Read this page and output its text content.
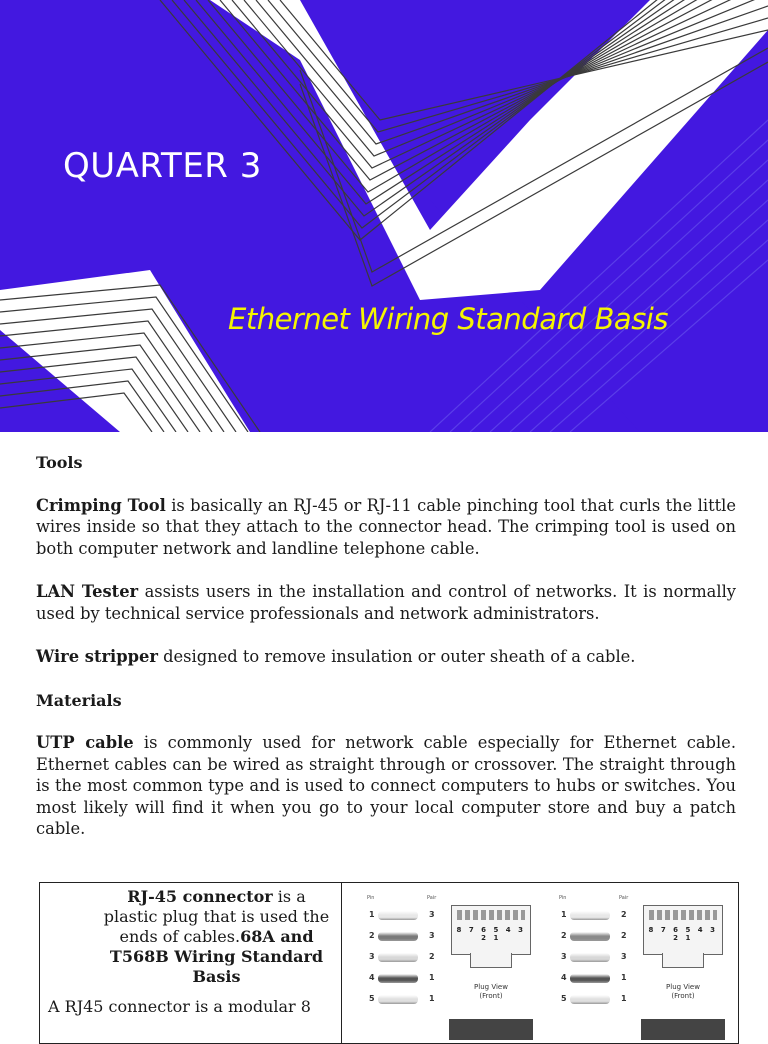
QUARTER 3
Ethernet Wiring Standard Basis
Tools

Crimping Tool is basically an RJ-45 or RJ-11 cable pinching tool that curls the little wires inside so that they attach to the connector head. The crimping tool is used on both computer network and landline telephone cable.

LAN Tester assists users in the installation and control of networks. It is normally used by technical service professionals and network administrators.

Wire stripper designed to remove insulation or outer sheath of a cable.

Materials

UTP cable is commonly used for network cable especially for Ethernet cable. Ethernet cables can be wired as straight through or crossover. The straight through is the most common type and is used to connect computers to hubs or switches. You most likely will find it when you go to your local computer store and buy a patch cable.

RJ-45 connector is a plastic plug that is used the ends of cables.68A and T568B Wiring Standard Basis
A RJ45 connector is a modular 8
Pin	Pair
1	3
2	3
3	2
4	1
5	1
8 7 6 5 4 3 2 1
Plug View
(Front)
Pin	Pair
1	2
2	2
3	3
4	1
5	1
8 7 6 5 4 3 2 1
Plug View
(Front)
